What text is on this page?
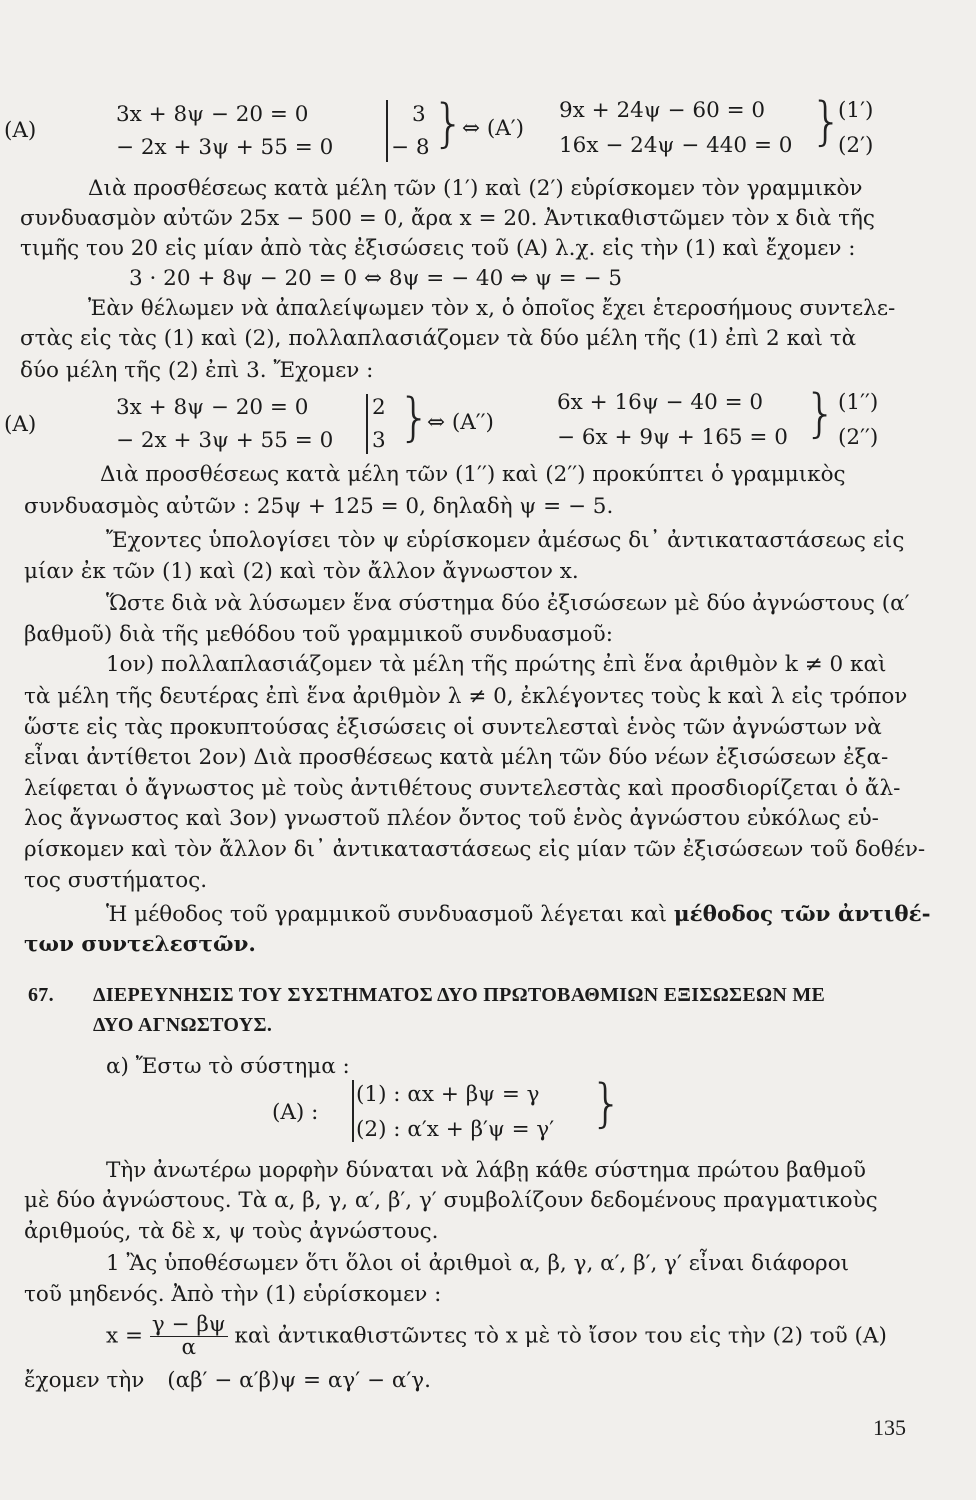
(A)
3x + 8ψ − 20 = 0
− 2x + 3ψ + 55 = 0
3
− 8 }
⇔ (A′)
9x + 24ψ − 60 = 0
16x − 24ψ − 440 = 0 }
(1′)
(2′)
Διὰ προσθέσεως κατὰ μέλη τῶν (1′) καὶ (2′) εὑρίσκομεν τὸν γραμμικὸν
συνδυασμὸν αὐτῶν 25x − 500 = 0, ἄρα x = 20. Ἀντικαθιστῶμεν τὸν x διὰ τῆς
τιμῆς του 20 εἰς μίαν ἀπὸ τὰς ἐξισώσεις τοῦ (A) λ.χ. εἰς τὴν (1) καὶ ἔχομεν :
3 · 20 + 8ψ − 20 = 0 ⇔ 8ψ = − 40 ⇔ ψ = − 5
Ἐὰν θέλωμεν νὰ ἀπαλείψωμεν τὸν x, ὁ ὁποῖος ἔχει ἑτεροσήμους συντελε-
στὰς εἰς τὰς (1) καὶ (2), πολλαπλασιάζομεν τὰ δύο μέλη τῆς (1) ἐπὶ 2 καὶ τὰ
δύο μέλη τῆς (2) ἐπὶ 3. Ἔχομεν :
(A)
3x + 8ψ − 20 = 0
− 2x + 3ψ + 55 = 0
2
3 }
⇔ (A′′)
6x + 16ψ − 40 = 0
− 6x + 9ψ + 165 = 0 } (1′′)
(2′′)
Διὰ προσθέσεως κατὰ μέλη τῶν (1′′) καὶ (2′′) προκύπτει ὁ γραμμικὸς
συνδυασμὸς αὐτῶν : 25ψ + 125 = 0, δηλαδὴ ψ = − 5.
Ἔχοντες ὑπολογίσει τὸν ψ εὑρίσκομεν ἀμέσως δι᾽ ἀντικαταστάσεως εἰς
μίαν ἐκ τῶν (1) καὶ (2) καὶ τὸν ἄλλον ἄγνωστον x.
Ὥστε διὰ νὰ λύσωμεν ἕνα σύστημα δύο ἐξισώσεων μὲ δύο ἀγνώστους (α′
βαθμοῦ) διὰ τῆς μεθόδου τοῦ γραμμικοῦ συνδυασμοῦ:
1ον) πολλαπλασιάζομεν τὰ μέλη τῆς πρώτης ἐπὶ ἕνα ἀριθμὸν k ≠ 0 καὶ
τὰ μέλη τῆς δευτέρας ἐπὶ ἕνα ἀριθμὸν λ ≠ 0, ἐκλέγοντες τοὺς k καὶ λ εἰς τρόπον
ὥστε εἰς τὰς προκυπτούσας ἐξισώσεις οἱ συντελεσταὶ ἑνὸς τῶν ἀγνώστων νὰ
εἶναι ἀντίθετοι 2ον) Διὰ προσθέσεως κατὰ μέλη τῶν δύο νέων ἐξισώσεων ἐξα-
λείφεται ὁ ἄγνωστος μὲ τοὺς ἀντιθέτους συντελεστὰς καὶ προσδιορίζεται ὁ ἄλ-
λος ἄγνωστος καὶ 3ον) γνωστοῦ πλέον ὄντος τοῦ ἑνὸς ἀγνώστου εὐκόλως εὑ-
ρίσκομεν καὶ τὸν ἄλλον δι᾽ ἀντικαταστάσεως εἰς μίαν τῶν ἐξισώσεων τοῦ δοθέν-
τος συστήματος.
Ἡ μέθοδος τοῦ γραμμικοῦ συνδυασμοῦ λέγεται καὶ μέθοδος τῶν ἀντιθέ-
των συντελεστῶν.
67. ΔΙΕΡΕΥΝΗΣΙΣ ΤΟΥ ΣΥΣΤΗΜΑΤΟΣ ΔΥΟ ΠΡΩΤΟΒΑΘΜΙΩΝ ΕΞΙΣΩΣΕΩΝ ΜΕ
ΔΥΟ ΑΓΝΩΣΤΟΥΣ.
α) Ἔστω τὸ σύστημα :
(A) :
(1) : αx + βψ = γ
(2) : α′x + β′ψ = γ′ }
Τὴν ἀνωτέρω μορφὴν δύναται νὰ λάβῃ κάθε σύστημα πρώτου βαθμοῦ
μὲ δύο ἀγνώστους. Τὰ α, β, γ, α′, β′, γ′ συμβολίζουν δεδομένους πραγματικοὺς
ἀριθμούς, τὰ δὲ x, ψ τοὺς ἀγνώστους.
1 Ἂς ὑποθέσωμεν ὅτι ὅλοι οἱ ἀριθμοὶ α, β, γ, α′, β′, γ′ εἶναι διάφοροι
τοῦ μηδενός. Ἀπὸ τὴν (1) εὑρίσκομεν :
$x = \frac{\gamma - \beta\psi}{\alpha}$ καὶ ἀντικαθιστῶντες τὸ x μὲ τὸ ἴσον του εἰς τὴν (2) τοῦ (A)
ἔχομεν τὴν (αβ′ − α′β)ψ = αγ′ − α′γ.
135
